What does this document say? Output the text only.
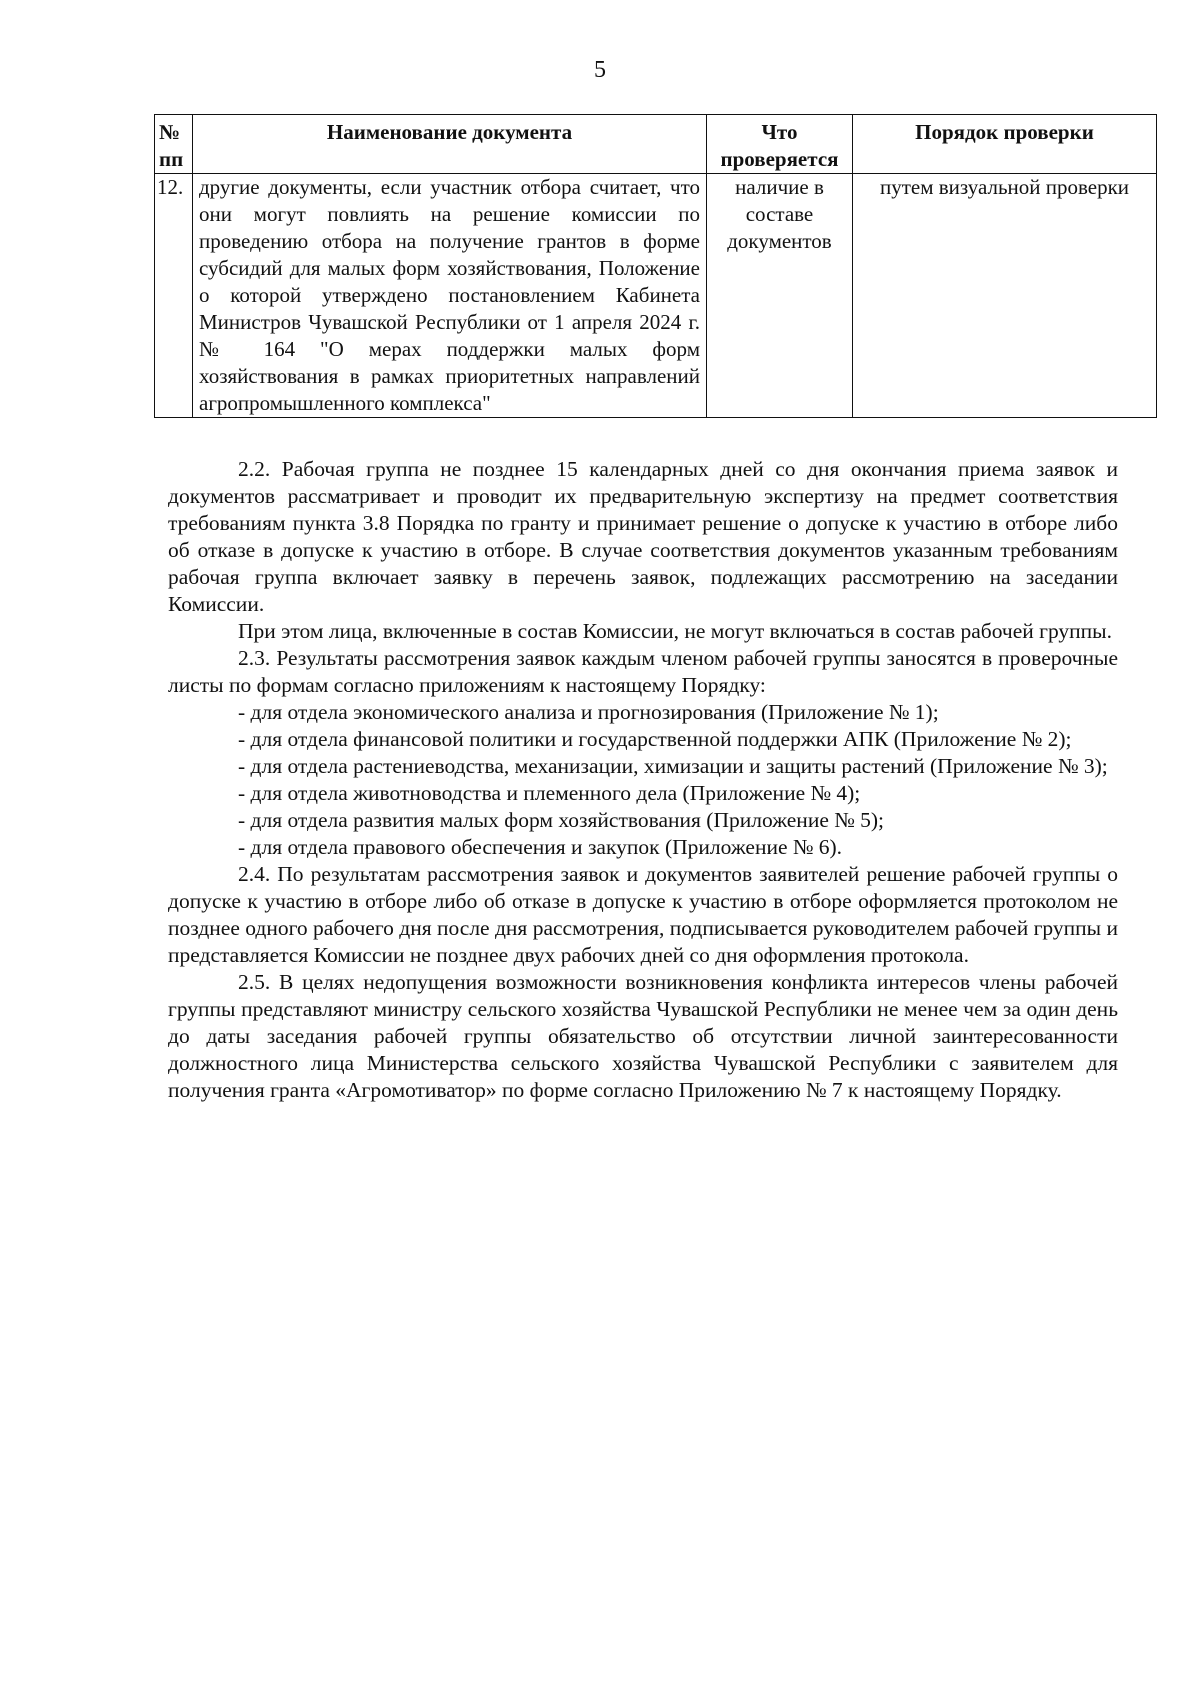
5
№ пп	Наименование документа	Что проверяется	Порядок проверки
12.	другие документы, если участник отбора считает, что они могут повлиять на решение комиссии по проведению отбора на получение грантов в форме субсидий для малых форм хозяйствования, Положение о которой утверждено постановлением Кабинета Министров Чувашской Республики от 1 апреля 2024 г. № 164 "О мерах поддержки малых форм хозяйствования в рамках приоритетных направлений агропромышленного комплекса"	наличие в составе документов	путем визуальной проверки

2.2. Рабочая группа не позднее 15 календарных дней со дня окончания приема заявок и документов рассматривает и проводит их предварительную экспертизу на предмет соответствия требованиям пункта 3.8 Порядка по гранту и принимает решение о допуске к участию в отборе либо об отказе в допуске к участию в отборе. В случае соответствия документов указанным требованиям рабочая группа включает заявку в перечень заявок, подлежащих рассмотрению на заседании Комиссии.

При этом лица, включенные в состав Комиссии, не могут включаться в состав рабочей группы.

2.3. Результаты рассмотрения заявок каждым членом рабочей группы заносятся в проверочные листы по формам согласно приложениям к настоящему Порядку:

- для отдела экономического анализа и прогнозирования (Приложение № 1);

- для отдела финансовой политики и государственной поддержки АПК (Приложение № 2);

- для отдела растениеводства, механизации, химизации и защиты растений (Приложение № 3);

- для отдела животноводства и племенного дела (Приложение № 4);

- для отдела развития малых форм хозяйствования (Приложение № 5);

- для отдела правового обеспечения и закупок (Приложение № 6).

2.4. По результатам рассмотрения заявок и документов заявителей решение рабочей группы о допуске к участию в отборе либо об отказе в допуске к участию в отборе оформляется протоколом не позднее одного рабочего дня после дня рассмотрения, подписывается руководителем рабочей группы и представляется Комиссии не позднее двух рабочих дней со дня оформления протокола.

2.5. В целях недопущения возможности возникновения конфликта интересов члены рабочей группы представляют министру сельского хозяйства Чувашской Республики не менее чем за один день до даты заседания рабочей группы обязательство об отсутствии личной заинтересованности должностного лица Министерства сельского хозяйства Чувашской Республики с заявителем для получения гранта «Агромотиватор» по форме согласно Приложению № 7 к настоящему Порядку.
